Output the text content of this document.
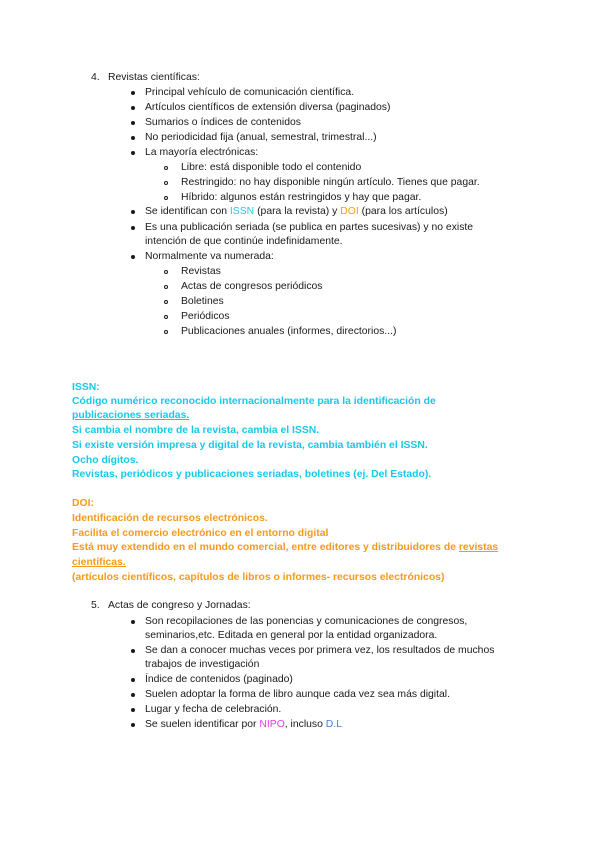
4. Revistas científicas:
Principal vehículo de comunicación científica.
Artículos científicos de extensión diversa (paginados)
Sumarios o índices de contenidos
No periodicidad fija (anual, semestral, trimestral...)
La mayoría electrónicas:
Libre: está disponible todo el contenido
Restringido: no hay disponible ningún artículo. Tienes que pagar.
Híbrido: algunos están restringidos y hay que pagar.
Se identifican con ISSN (para la revista) y DOI (para los artículos)
Es una publicación seriada (se publica en partes sucesivas) y no existe
intención de que continúe indefinidamente.
Normalmente va numerada:
Revistas
Actas de congresos periódicos
Boletines
Periódicos
Publicaciones anuales (informes, directorios...)
ISSN:
Código numérico reconocido internacionalmente para la identificación de
publicaciones seriadas.
Si cambia el nombre de la revista, cambia el ISSN.
Si existe versión impresa y digital de la revista, cambia también el ISSN.
Ocho dígitos.
Revistas, periódicos y publicaciones seriadas, boletines (ej. Del Estado).
DOI:
Identificación de recursos electrónicos.
Facilita el comercio electrónico en el entorno digital
Está muy extendido en el mundo comercial, entre editores y distribuidores de revistas
científicas.
(artículos científicos, capítulos de libros o informes- recursos electrónicos)
5. Actas de congreso y Jornadas:
Son recopilaciones de las ponencias y comunicaciones de congresos,
seminarios,etc. Editada en general por la entidad organizadora.
Se dan a conocer muchas veces por primera vez, los resultados de muchos
trabajos de investigación
Índice de contenidos (paginado)
Suelen adoptar la forma de libro aunque cada vez sea más digital.
Lugar y fecha de celebración.
Se suelen identificar por NIPO, incluso D.L
